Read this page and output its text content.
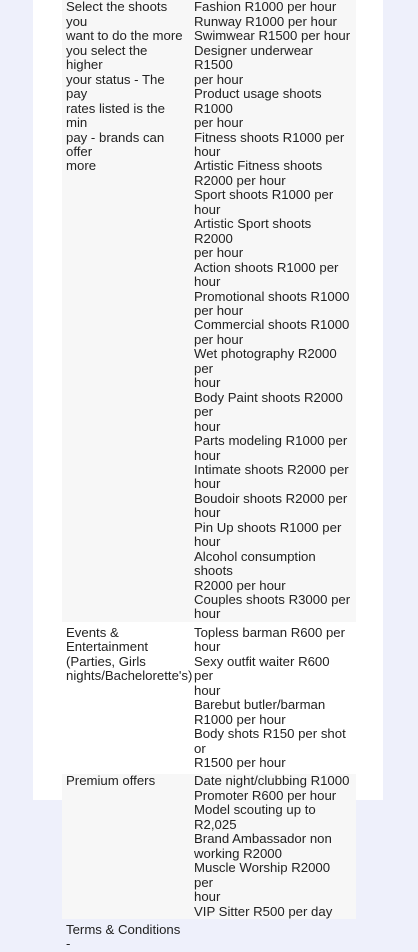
Select the shoots you
want to do the more
you select the higher
your status - The pay
rates listed is the min
pay - brands can offer
more
Fashion R1000 per hour
Runway R1000 per hour
Swimwear R1500 per hour
Designer underwear R1500
per hour
Product usage shoots R1000
per hour
Fitness shoots R1000 per
hour
Artistic Fitness shoots
R2000 per hour
Sport shoots R1000 per hour
Artistic Sport shoots R2000
per hour
Action shoots R1000 per
hour
Promotional shoots R1000
per hour
Commercial shoots R1000
per hour
Wet photography R2000 per
hour
Body Paint shoots R2000 per
hour
Parts modeling R1000 per
hour
Intimate shoots R2000 per
hour
Boudoir shoots R2000 per
hour
Pin Up shoots R1000 per
hour
Alcohol consumption shoots
R2000 per hour
Couples shoots R3000 per
hour
Events &
Entertainment
(Parties, Girls
nights/Bachelorette's)
Topless barman R600 per
hour
Sexy outfit waiter R600 per
hour
Barebut butler/barman
R1000 per hour
Body shots R150 per shot or
R1500 per hour
Premium offers	Date night/clubbing R1000
Promoter R600 per hour
Model scouting up to R2,025
Brand Ambassador non
working R2000
Muscle Worship R2000 per
hour
VIP Sitter R500 per day
Terms & Conditions -
